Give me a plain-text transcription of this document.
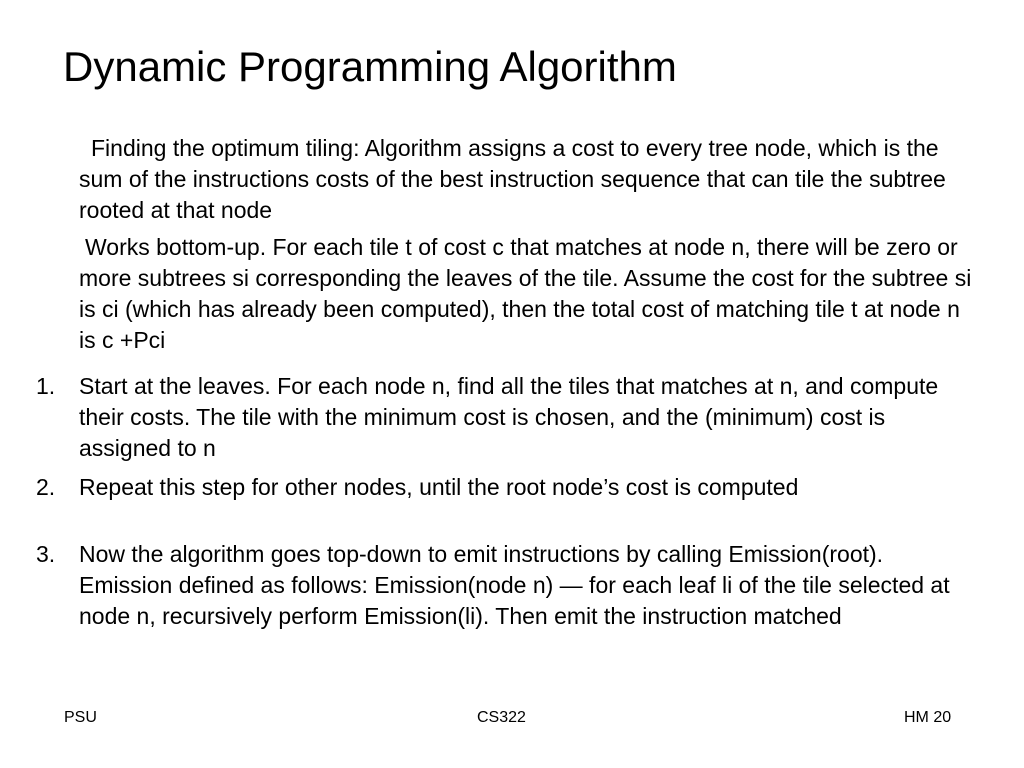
Dynamic Programming Algorithm

Finding the optimum tiling: Algorithm assigns a cost to every tree node, which is the sum of the instructions costs of the best instruction sequence that can tile the subtree rooted at that node

Works bottom-up. For each tile t of cost c that matches at node n, there will be zero or more subtrees si corresponding the leaves of the tile. Assume the cost for the subtree si is ci (which has already been computed), then the total cost of matching tile t at node n is c +Pci

1. Start at the leaves. For each node n, find all the tiles that matches at n, and compute their costs. The tile with the minimum cost is chosen, and the (minimum) cost is assigned to n
2. Repeat this step for other nodes, until the root node’s cost is computed
3. Now the algorithm goes top-down to emit instructions by calling Emission(root). Emission defined as follows: Emission(node n) — for each leaf li of the tile selected at node n, recursively perform Emission(li). Then emit the instruction matched
PSU	CS322	HM 20
